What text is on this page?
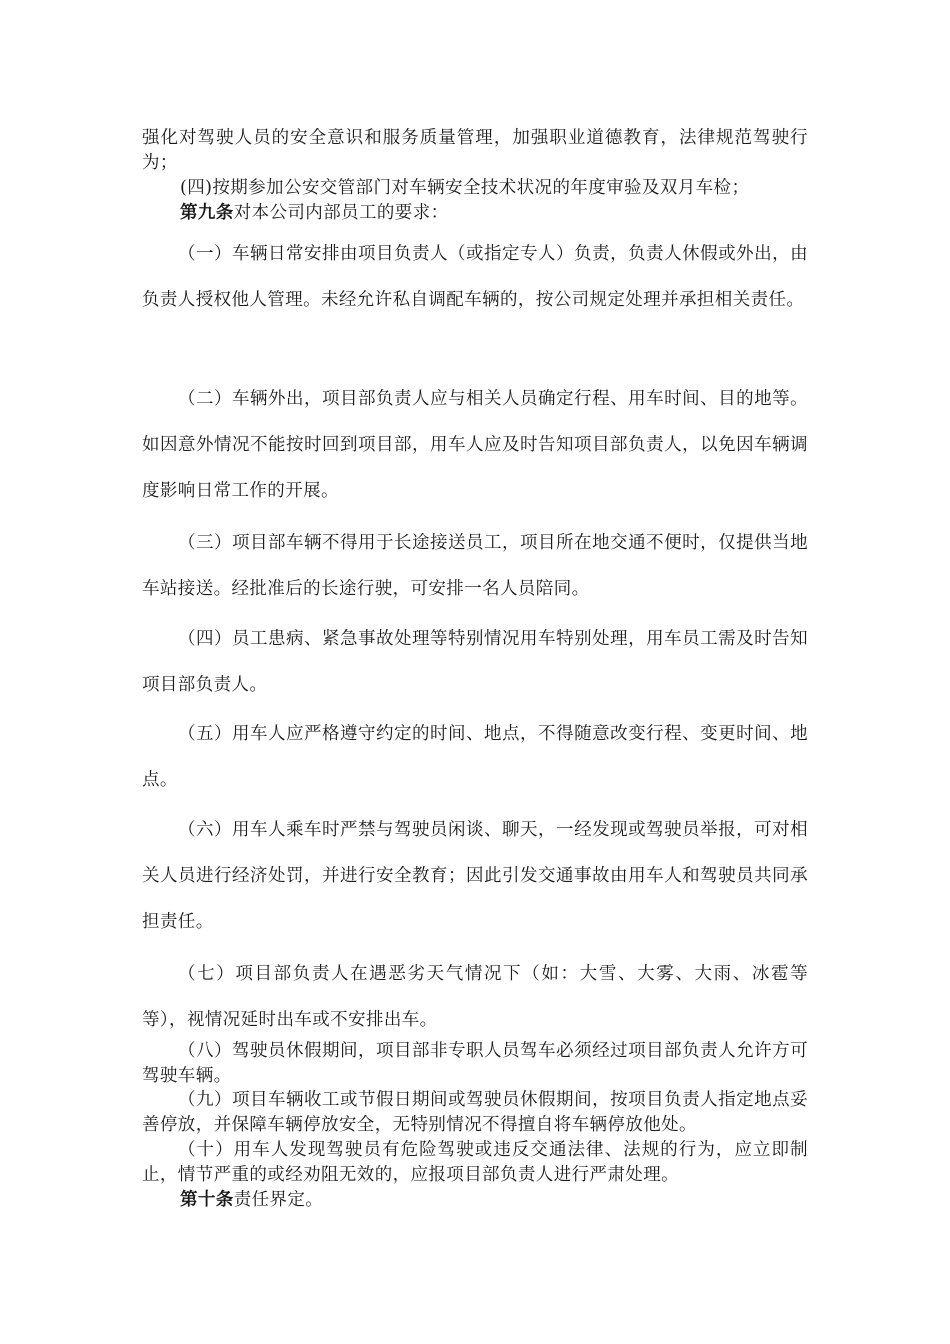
强化对驾驶人员的安全意识和服务质量管理，加强职业道德教育，法律规范驾驶行为；

(四)按期参加公安交管部门对车辆安全技术状况的年度审验及双月车检；

第九条对本公司内部员工的要求：

（一）车辆日常安排由项目负责人（或指定专人）负责，负责人休假或外出，由负责人授权他人管理。未经允许私自调配车辆的，按公司规定处理并承担相关责任。

（二）车辆外出，项目部负责人应与相关人员确定行程、用车时间、目的地等。如因意外情况不能按时回到项目部，用车人应及时告知项目部负责人，以免因车辆调度影响日常工作的开展。

（三）项目部车辆不得用于长途接送员工，项目所在地交通不便时，仅提供当地车站接送。经批准后的长途行驶，可安排一名人员陪同。

（四）员工患病、紧急事故处理等特别情况用车特别处理，用车员工需及时告知项目部负责人。

（五）用车人应严格遵守约定的时间、地点，不得随意改变行程、变更时间、地点。

（六）用车人乘车时严禁与驾驶员闲谈、聊天，一经发现或驾驶员举报，可对相关人员进行经济处罚，并进行安全教育；因此引发交通事故由用车人和驾驶员共同承担责任。

（七）项目部负责人在遇恶劣天气情况下（如：大雪、大雾、大雨、冰雹等等），视情况延时出车或不安排出车。

（八）驾驶员休假期间，项目部非专职人员驾车必须经过项目部负责人允许方可驾驶车辆。

（九）项目车辆收工或节假日期间或驾驶员休假期间，按项目负责人指定地点妥善停放，并保障车辆停放安全，无特别情况不得擅自将车辆停放他处。

（十）用车人发现驾驶员有危险驾驶或违反交通法律、法规的行为，应立即制止，情节严重的或经劝阻无效的，应报项目部负责人进行严肃处理。

第十条责任界定。
